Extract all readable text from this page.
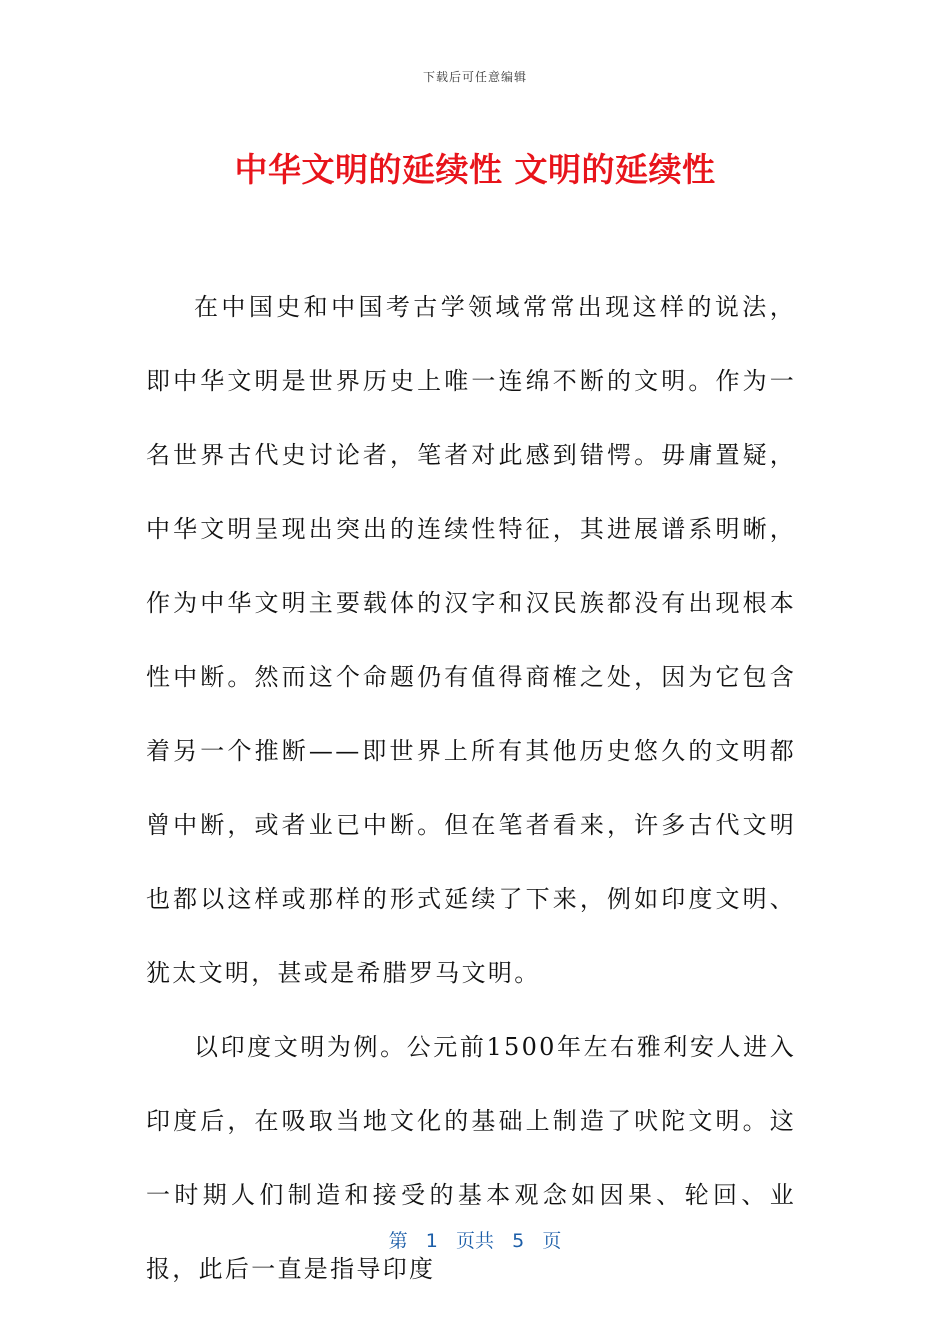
下载后可任意编辑
中华文明的延续性 文明的延续性

在中国史和中国考古学领域常常出现这样的说法，即中华文明是世界历史上唯一连绵不断的文明。作为一名世界古代史讨论者，笔者对此感到错愕。毋庸置疑，中华文明呈现出突出的连续性特征，其进展谱系明晰，作为中华文明主要载体的汉字和汉民族都没有出现根本性中断。然而这个命题仍有值得商榷之处，因为它包含着另一个推断——即世界上所有其他历史悠久的文明都曾中断，或者业已中断。但在笔者看来，许多古代文明也都以这样或那样的形式延续了下来，例如印度文明、犹太文明，甚或是希腊罗马文明。

以印度文明为例。公元前1500年左右雅利安人进入印度后，在吸取当地文化的基础上制造了吠陀文明。这一时期人们制造和接受的基本观念如因果、轮回、业报，此后一直是指导印度

第 1 页共 5 页
